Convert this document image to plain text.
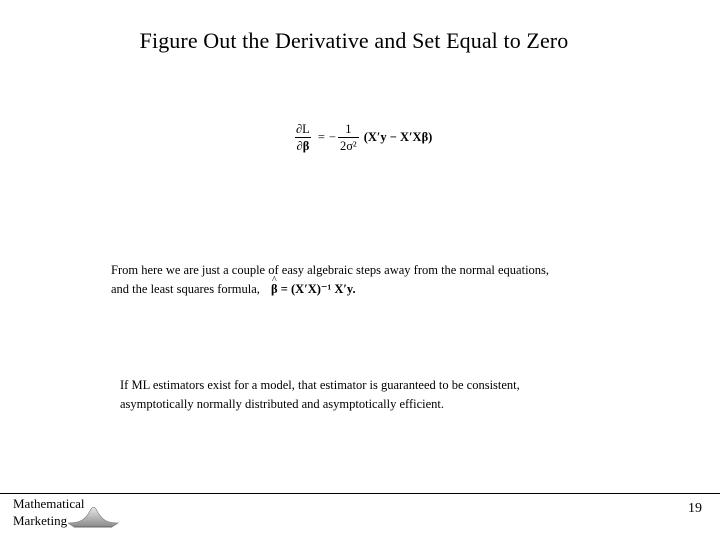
Figure Out the Derivative and Set Equal to Zero
$\frac{\partial L}{\partial\beta}$ = − $\frac{1}{\text{2σ²}} (X'y - X'X\beta)$
From here we are just a couple of easy algebraic steps away from the normal equations,
and the least squares formula, ^ β = (X′X)⁻¹ X′y.
If ML estimators exist for a model, that estimator is guaranteed to be consistent,
asymptotically normally distributed and asymptotically efficient.
Mathematical
Marketing
19
